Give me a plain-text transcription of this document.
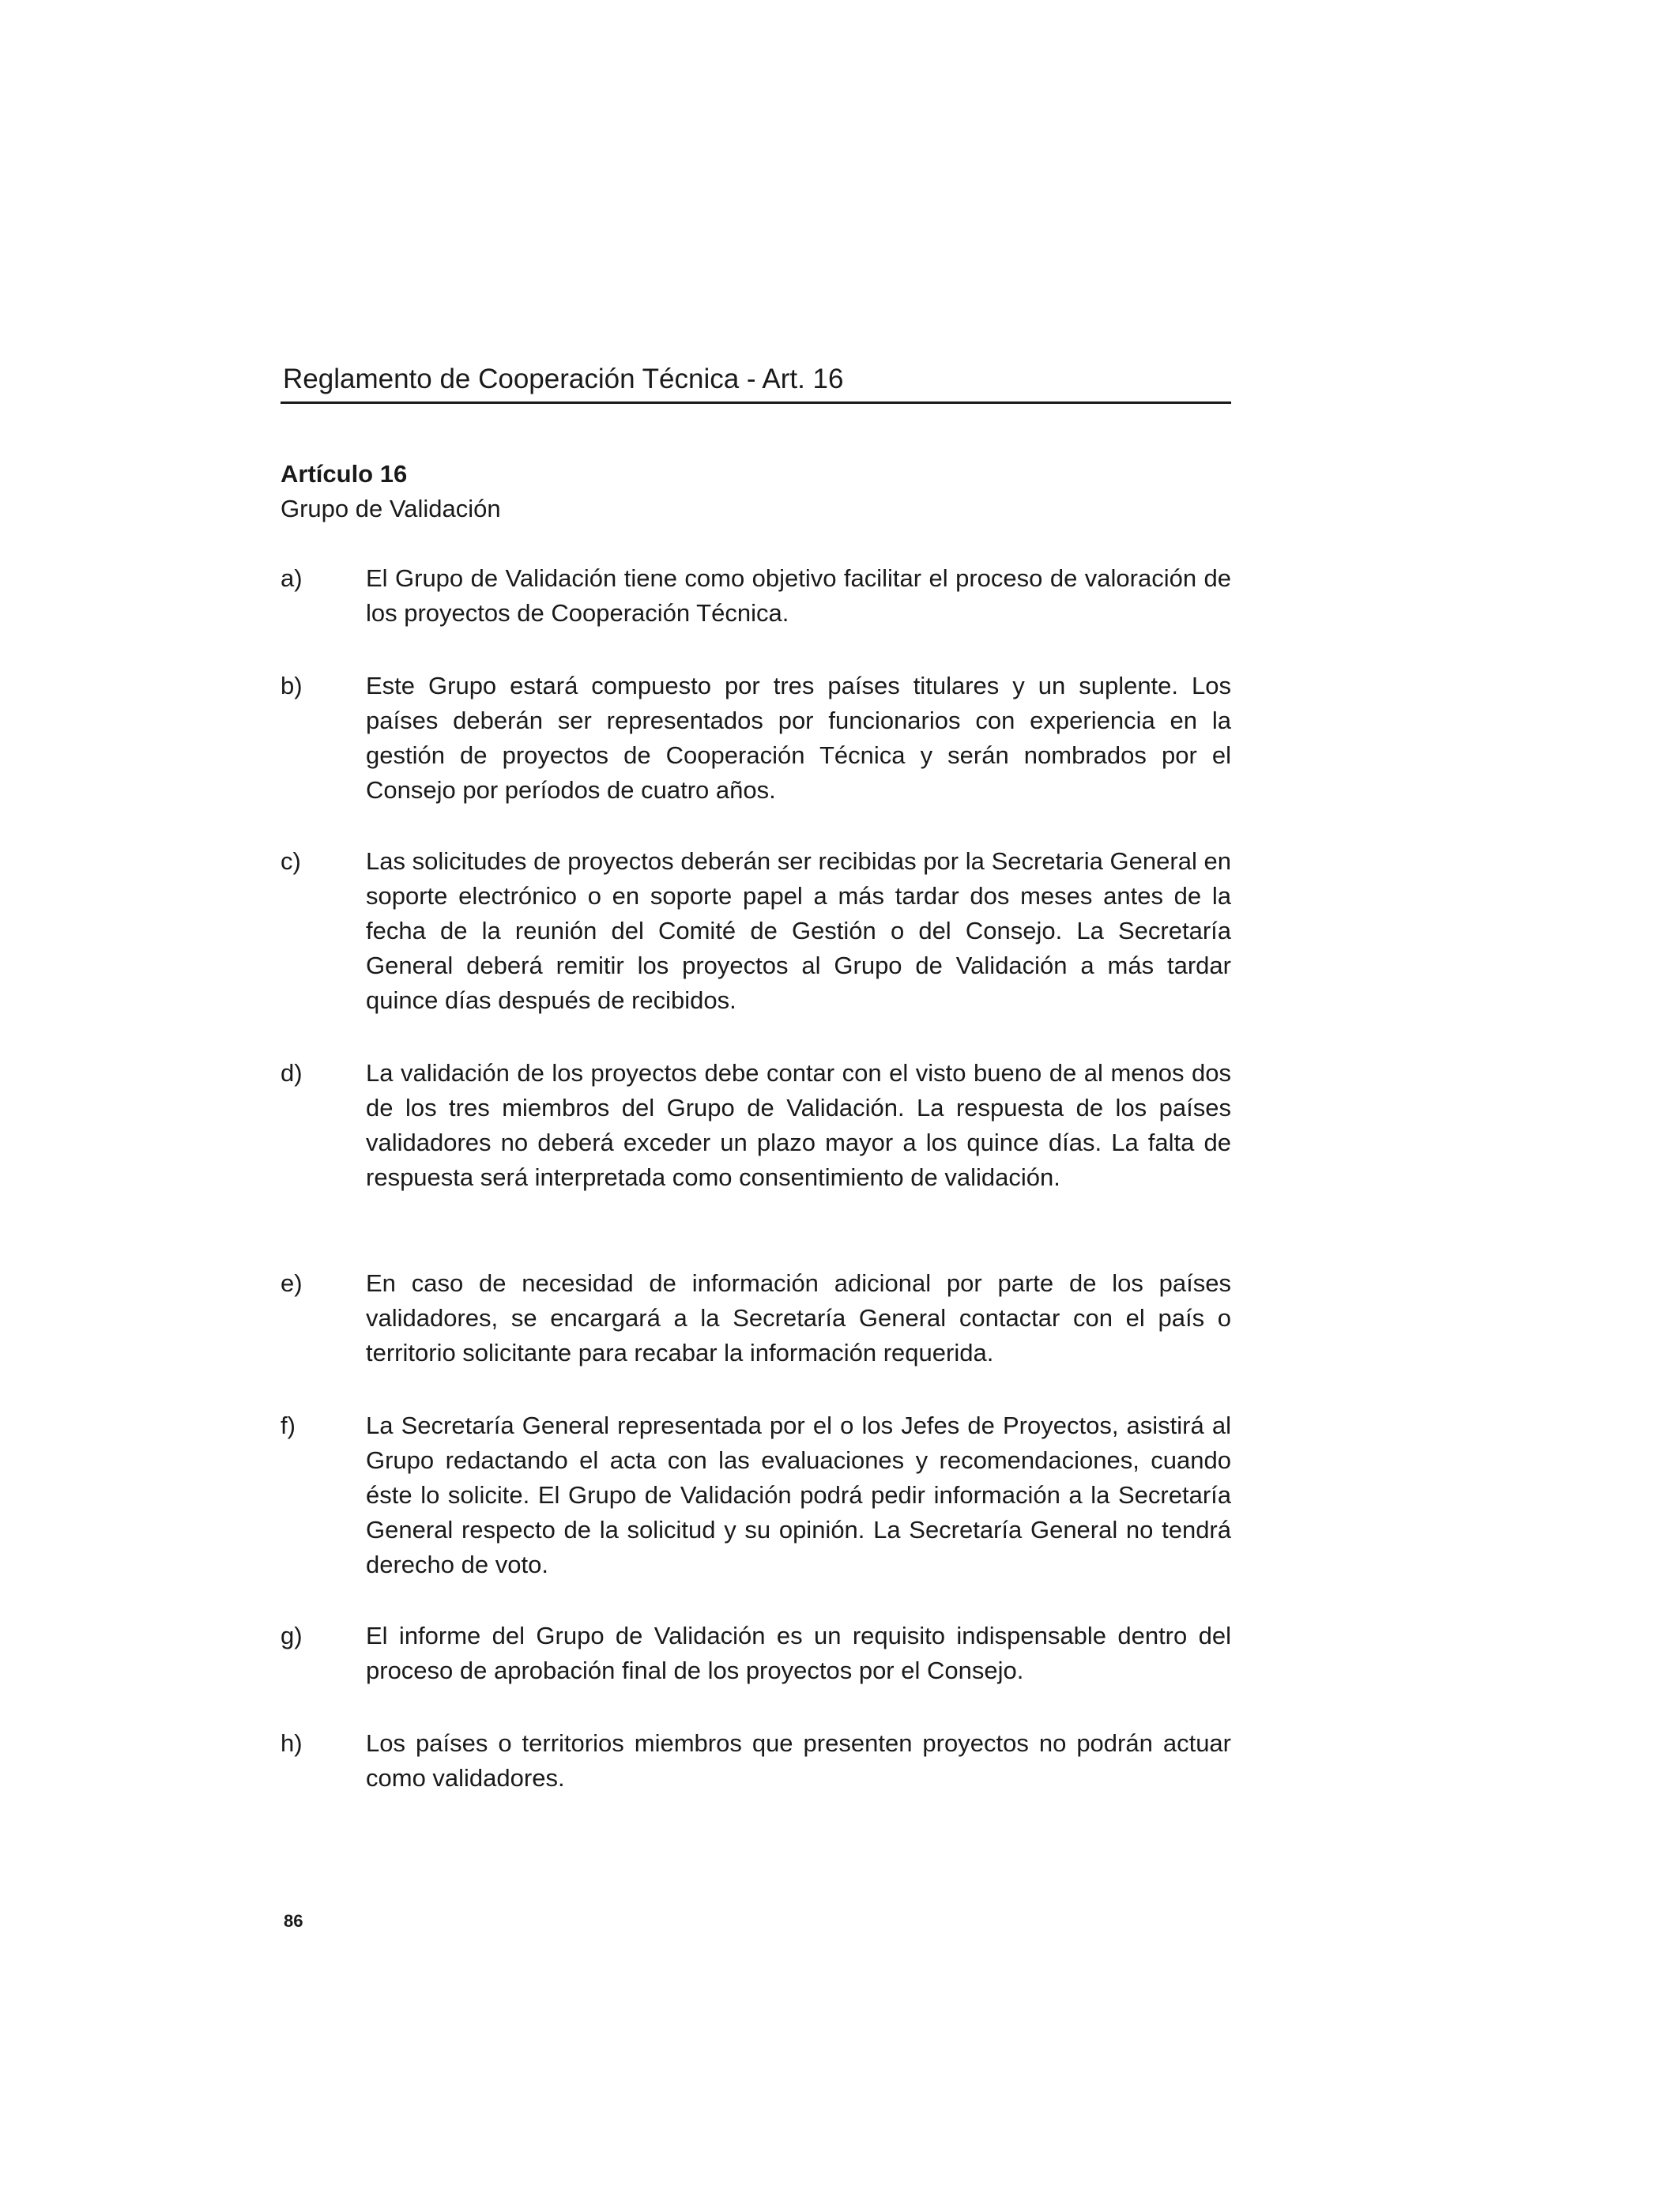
Reglamento de Cooperación Técnica - Art. 16
Artículo 16
Grupo de Validación
a)	El Grupo de Validación tiene como objetivo facilitar el proceso de valoración de los proyectos de Cooperación Técnica.

b)	Este Grupo estará compuesto por tres países titulares y un suplente. Los países deberán ser representados por funcionarios con experiencia en la gestión de proyectos de Cooperación Técnica y serán nombrados por el Consejo por períodos de cuatro años.

c)	Las solicitudes de proyectos deberán ser recibidas por la Secretaria General en soporte electrónico o en soporte papel a más tardar dos meses antes de la fecha de la reunión del Comité de Gestión o del Consejo. La Secretaría General deberá remitir los proyectos al Grupo de Validación a más tardar quince días después de recibidos.

d)	La validación de los proyectos debe contar con el visto bueno de al menos dos de los tres miembros del Grupo de Validación. La respuesta de los países validadores no deberá exceder un plazo mayor a los quince días. La falta de respuesta será interpretada como consentimiento de validación.

e)	En caso de necesidad de información adicional por parte de los países validadores, se encargará a la Secretaría General contactar con el país o territorio solicitante para recabar la información requerida.

f)	La Secretaría General representada por el o los Jefes de Proyectos, asistirá al Grupo redactando el acta con las evaluaciones y recomendaciones, cuando éste lo solicite. El Grupo de Validación podrá pedir información a la Secretaría General respecto de la solicitud y su opinión. La Secretaría General no tendrá derecho de voto.

g)	El informe del Grupo de Validación es un requisito indispensable dentro del proceso de aprobación final de los proyectos por el Consejo.

h)	Los países o territorios miembros que presenten proyectos no podrán actuar como validadores.

86
